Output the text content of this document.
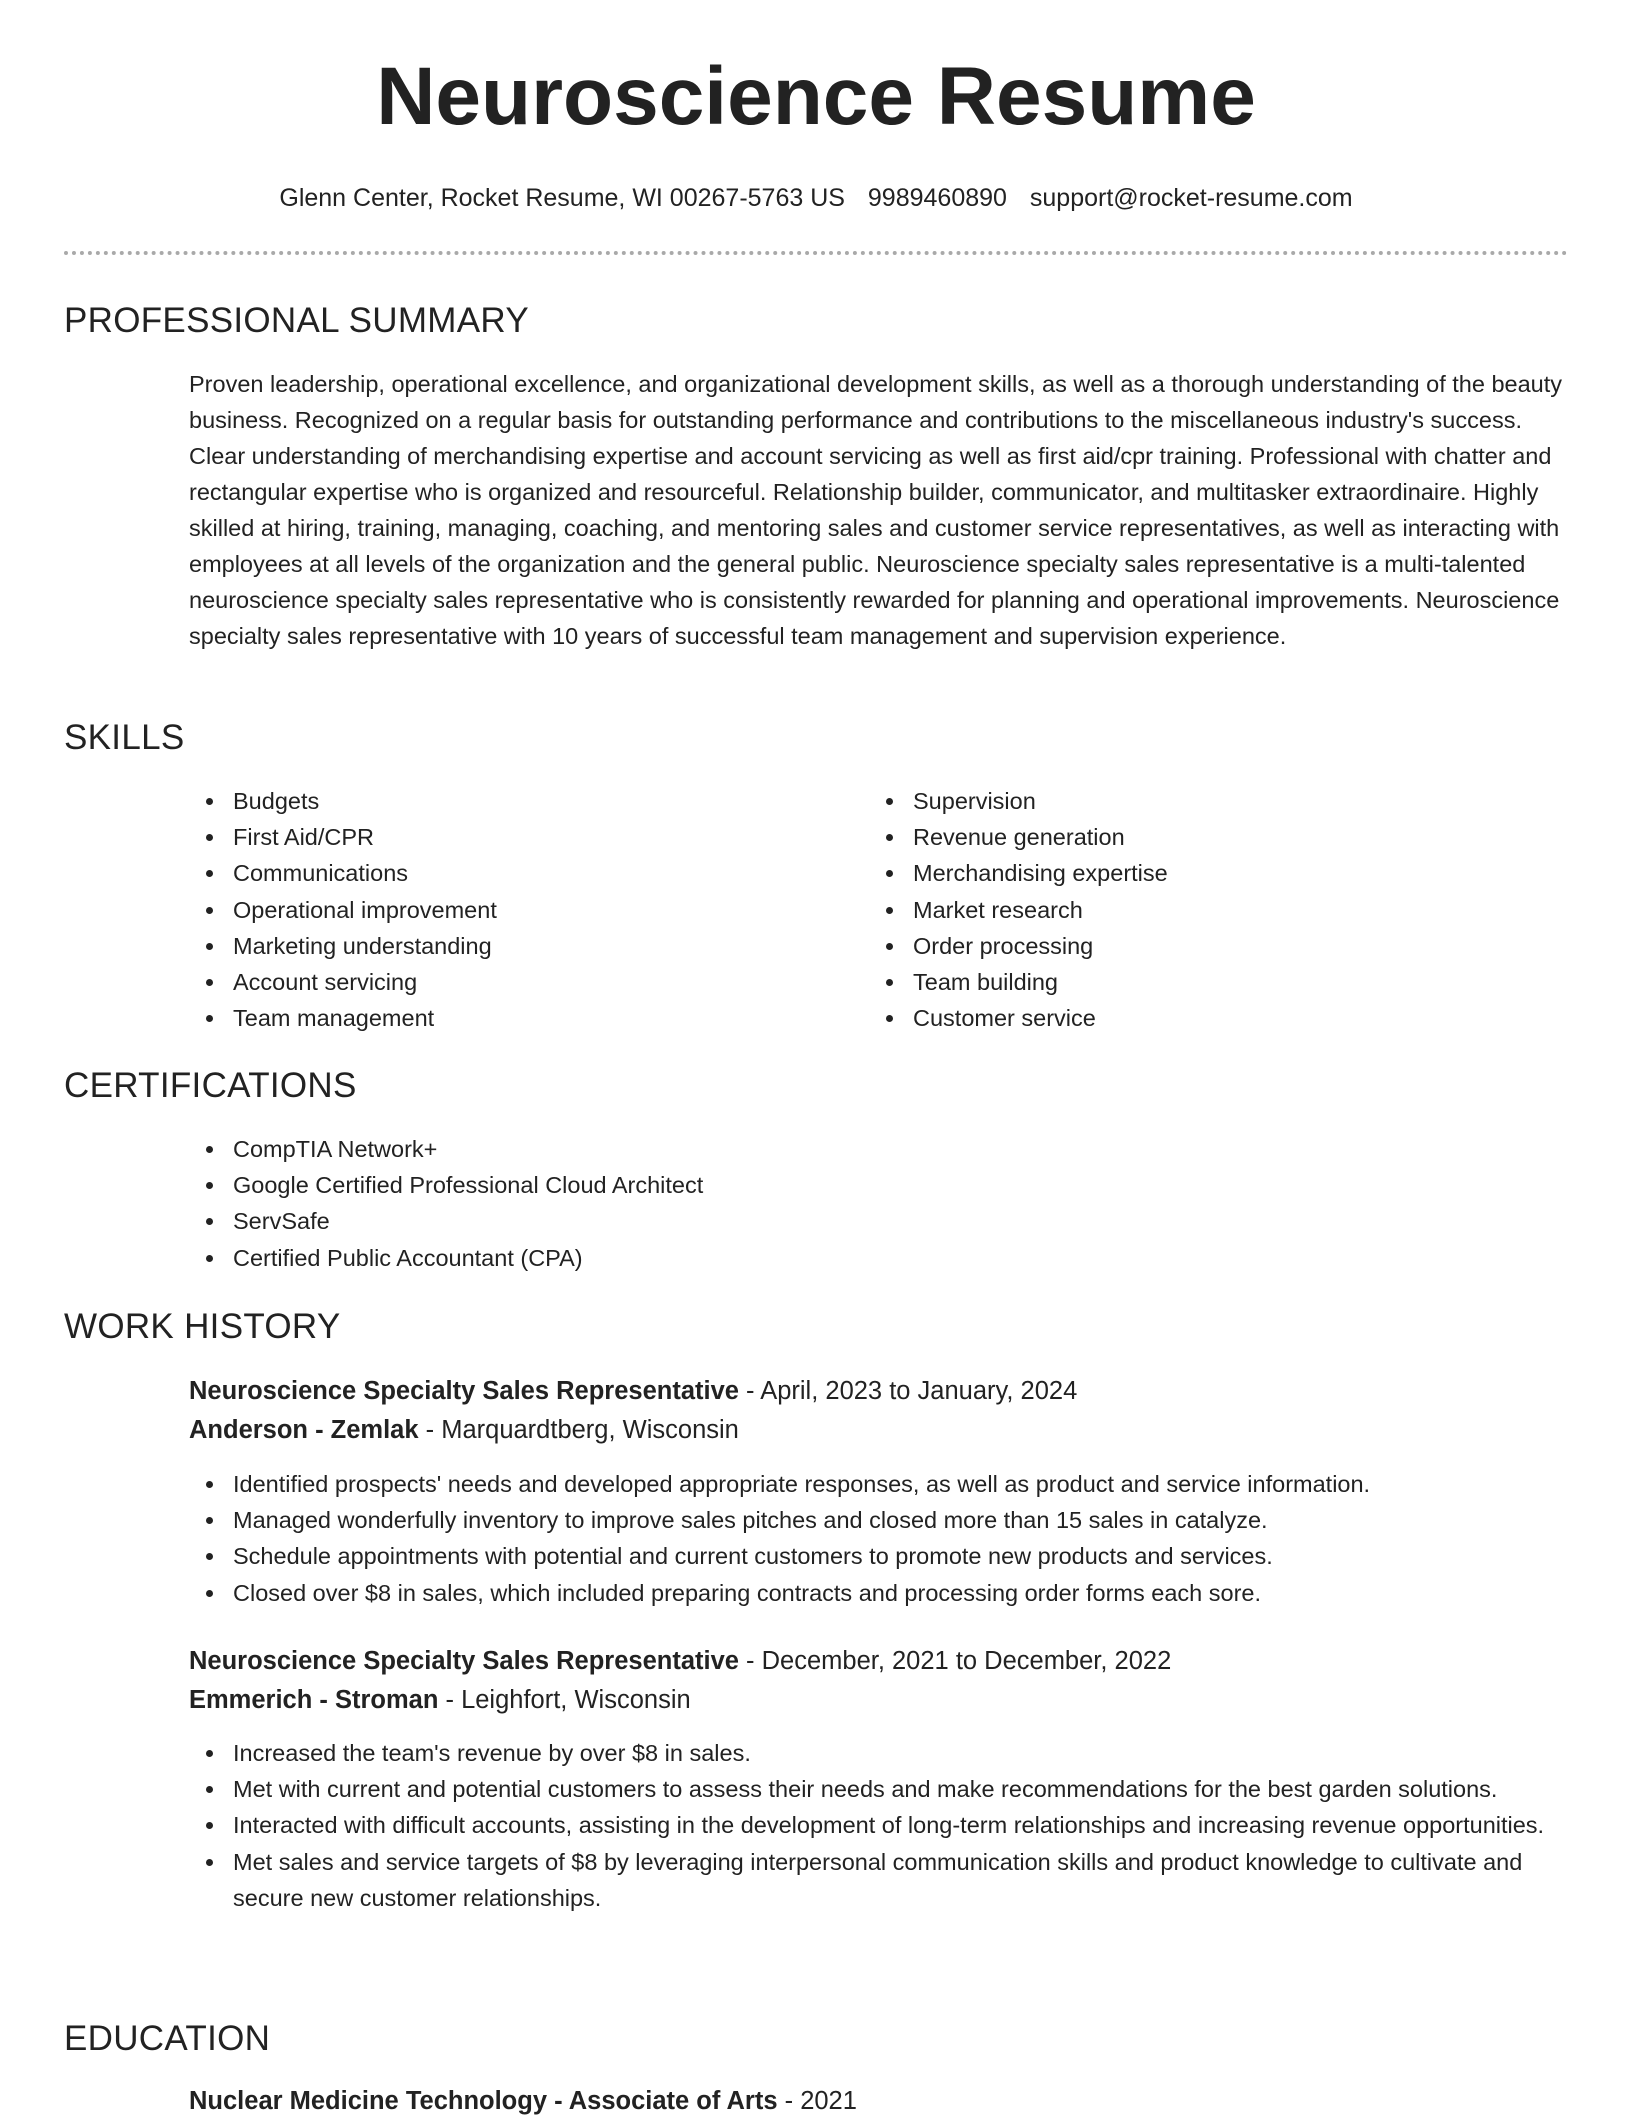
Neuroscience Resume
Glenn Center, Rocket Resume, WI 00267-5763 US 9989460890 support@rocket-resume.com
PROFESSIONAL SUMMARY

Proven leadership, operational excellence, and organizational development skills, as well as a thorough understanding of the beauty business. Recognized on a regular basis for outstanding performance and contributions to the miscellaneous industry's success. Clear understanding of merchandising expertise and account servicing as well as first aid/cpr training. Professional with chatter and rectangular expertise who is organized and resourceful. Relationship builder, communicator, and multitasker extraordinaire. Highly skilled at hiring, training, managing, coaching, and mentoring sales and customer service representatives, as well as interacting with employees at all levels of the organization and the general public. Neuroscience specialty sales representative is a multi-talented neuroscience specialty sales representative who is consistently rewarded for planning and operational improvements. Neuroscience specialty sales representative with 10 years of successful team management and supervision experience.

SKILLS
Budgets
First Aid/CPR
Communications
Operational improvement
Marketing understanding
Account servicing
Team management
Supervision
Revenue generation
Merchandising expertise
Market research
Order processing
Team building
Customer service
CERTIFICATIONS
CompTIA Network+
Google Certified Professional Cloud Architect
ServSafe
Certified Public Accountant (CPA)
WORK HISTORY
Neuroscience Specialty Sales Representative - April, 2023 to January, 2024
Anderson - Zemlak - Marquardtberg, Wisconsin
Identified prospects' needs and developed appropriate responses, as well as product and service information.
Managed wonderfully inventory to improve sales pitches and closed more than 15 sales in catalyze.
Schedule appointments with potential and current customers to promote new products and services.
Closed over $8 in sales, which included preparing contracts and processing order forms each sore.
Neuroscience Specialty Sales Representative - December, 2021 to December, 2022
Emmerich - Stroman - Leighfort, Wisconsin
Increased the team's revenue by over $8 in sales.
Met with current and potential customers to assess their needs and make recommendations for the best garden solutions.
Interacted with difficult accounts, assisting in the development of long-term relationships and increasing revenue opportunities.
Met sales and service targets of $8 by leveraging interpersonal communication skills and product knowledge to cultivate and secure new customer relationships.
EDUCATION
Nuclear Medicine Technology - Associate of Arts - 2021
